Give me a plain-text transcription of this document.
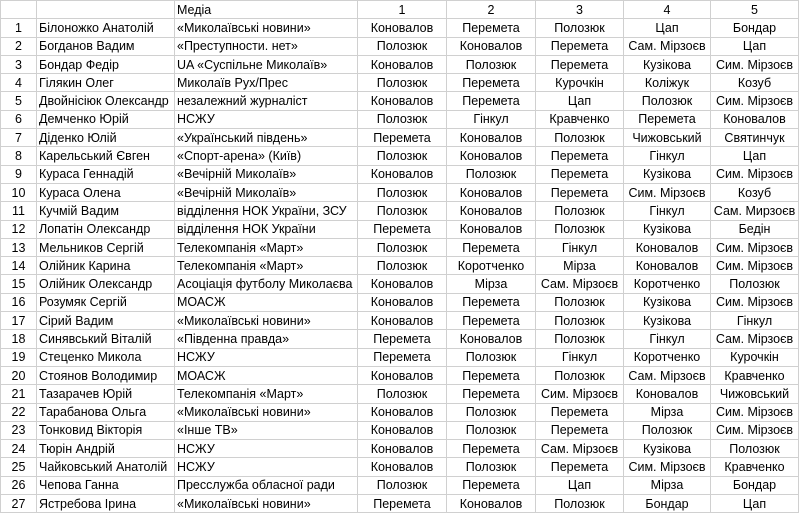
		Медіа	1	2	3	4	5
1	Білоножко Анатолій	«Миколаївські новини»	Коновалов	Перемета	Полозюк	Цап	Бондар
2	Богданов Вадим	«Преступности. нет»	Полозюк	Коновалов	Перемета	Сам. Мірзоєв	Цап
3	Бондар Федір	UA «Суспільне Миколаїв»	Коновалов	Полозюк	Перемета	Кузікова	Сим. Мірзоєв
4	Гілякин Олег	Миколаїв Рух/Прес	Полозюк	Перемета	Курочкін	Коліжук	Козуб
5	Двойнісіюк Олександр	незалежний журналіст	Коновалов	Перемета	Цап	Полозюк	Сим. Мірзоєв
6	Демченко Юрій	НСЖУ	Полозюк	Гінкул	Кравченко	Перемета	Коновалов
7	Діденко Юлій	«Український південь»	Перемета	Коновалов	Полозюк	Чижовський	Святинчук
8	Карельський Євген	«Спорт-арена» (Київ)	Полозюк	Коновалов	Перемета	Гінкул	Цап
9	Кураса Геннадій	«Вечірній Миколаїв»	Коновалов	Полозюк	Перемета	Кузікова	Сим. Мірзоєв
10	Кураса Олена	«Вечірній Миколаїв»	Полозюк	Коновалов	Перемета	Сим. Мірзоєв	Козуб
11	Кучмій Вадим	відділення НОК України, ЗСУ	Полозюк	Коновалов	Полозюк	Гінкул	Сам. Мирзоєв
12	Лопатін Олександр	відділення НОК України	Перемета	Коновалов	Полозюк	Кузікова	Бедін
13	Мельников Сергій	Телекомпанія «Март»	Полозюк	Перемета	Гінкул	Коновалов	Сим. Мірзоєв
14	Олійник Карина	Телекомпанія «Март»	Полозюк	Коротченко	Мірза	Коновалов	Сим. Мірзоєв
15	Олійник Олександр	Асоціація футболу Миколаєва	Коновалов	Мірза	Сам. Мірзоєв	Коротченко	Полозюк
16	Розумяк Сергій	МОАСЖ	Коновалов	Перемета	Полозюк	Кузікова	Сим. Мірзоєв
17	Сірий Вадим	«Миколаївські новини»	Коновалов	Перемета	Полозюк	Кузікова	Гінкул
18	Синявський Віталій	«Південна правда»	Перемета	Коновалов	Полозюк	Гінкул	Сам. Мірзоєв
19	Стеценко Микола	НСЖУ	Перемета	Полозюк	Гінкул	Коротченко	Курочкін
20	Стоянов Володимир	МОАСЖ	Коновалов	Перемета	Полозюк	Сам. Мірзоєв	Кравченко
21	Тазарачев Юрій	Телекомпанія «Март»	Полозюк	Перемета	Сим. Мірзоєв	Коновалов	Чижовський
22	Тарабанова Ольга	«Миколаївські новини»	Коновалов	Полозюк	Перемета	Мірза	Сим. Мірзоєв
23	Тонковид Вікторія	«Інше ТВ»	Коновалов	Полозюк	Перемета	Полозюк	Сим. Мірзоєв
24	Тюрін Андрій	НСЖУ	Коновалов	Перемета	Сам. Мірзоєв	Кузікова	Полозюк
25	Чайковський Анатолій	НСЖУ	Коновалов	Полозюк	Перемета	Сим. Мірзоєв	Кравченко
26	Чепова Ганна	Пресслужба обласної ради	Полозюк	Перемета	Цап	Мірза	Бондар
27	Ястребова Ірина	«Миколаївські новини»	Перемета	Коновалов	Полозюк	Бондар	Цап
